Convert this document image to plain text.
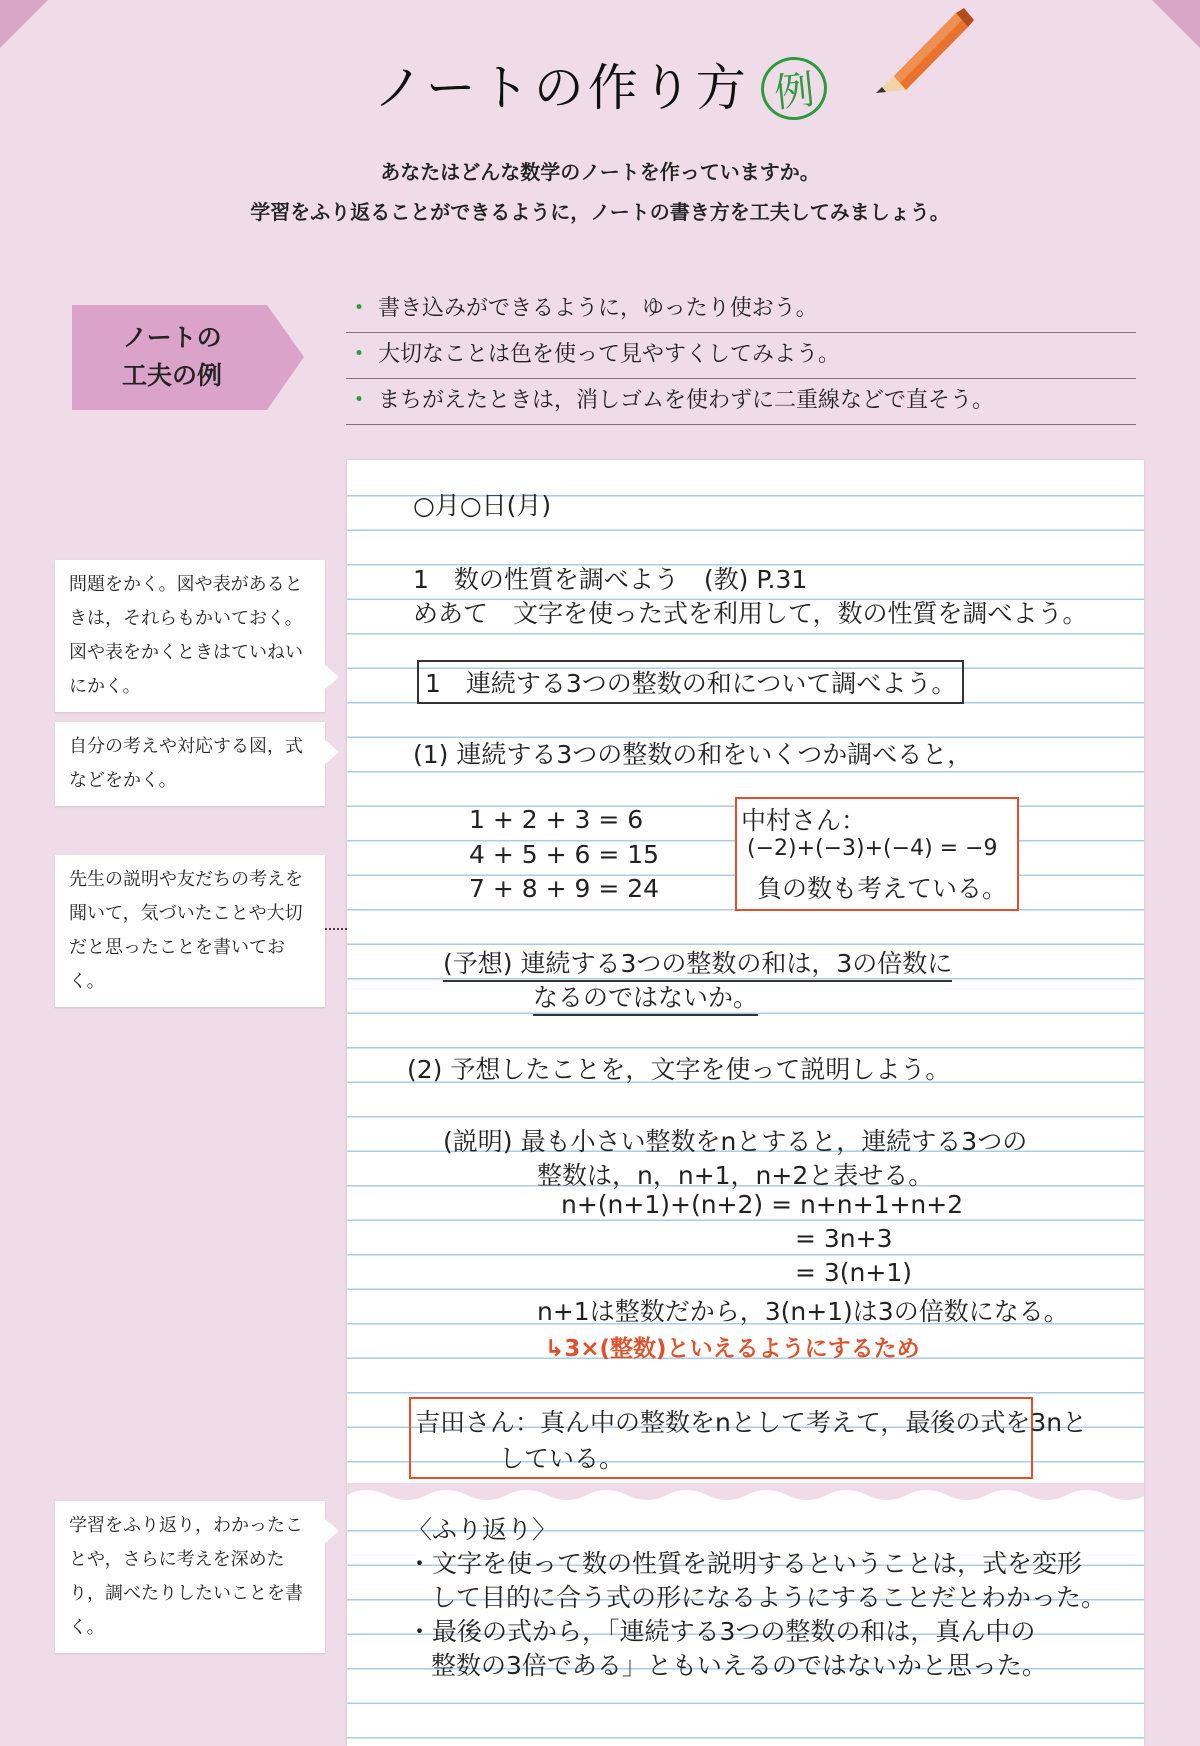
ノートの作り方 例
あなたはどんな数学のノートを作っていますか。
学習をふり返ることができるように，ノートの書き方を工夫してみましょう。
ノートの
工夫の例
・ 書き込みができるように，ゆったり使おう。
・ 大切なことは色を使って見やすくしてみよう。
・ まちがえたときは，消しゴムを使わずに二重線などで直そう。
問題をかく。図や表があるときは，それらもかいておく。図や表をかくときはていねいにかく。
自分の考えや対応する図，式などをかく。
先生の説明や友だちの考えを聞いて，気づいたことや大切だと思ったことを書いておく。
学習をふり返り，わかったことや，さらに考えを深めたり，調べたりしたいことを書く。
○月○日(月)
1　数の性質を調べよう　(教) P.31
めあて　文字を使った式を利用して，数の性質を調べよう。
1　連続する3つの整数の和について調べよう。
(1) 連続する3つの整数の和をいくつか調べると，
1 + 2 + 3 = 6
4 + 5 + 6 = 15
7 + 8 + 9 = 24
中村さん：
(−2)+(−3)+(−4) = −9
負の数も考えている。
(予想) 連続する3つの整数の和は，3の倍数に
なるのではないか。
(2) 予想したことを，文字を使って説明しよう。
(説明) 最も小さい整数をnとすると，連続する3つの
整数は，n，n+1，n+2と表せる。
n+(n+1)+(n+2) = n+n+1+n+2
= 3n+3
= 3(n+1)
n+1は整数だから，3(n+1)は3の倍数になる。
↳3×(整数)といえるようにするため
吉田さん：真ん中の整数をnとして考えて，最後の式を3nと
している。
〈ふり返り〉
・文字を使って数の性質を説明するということは，式を変形
して目的に合う式の形になるようにすることだとわかった。
・最後の式から，「連続する3つの整数の和は，真ん中の
整数の3倍である」ともいえるのではないかと思った。
